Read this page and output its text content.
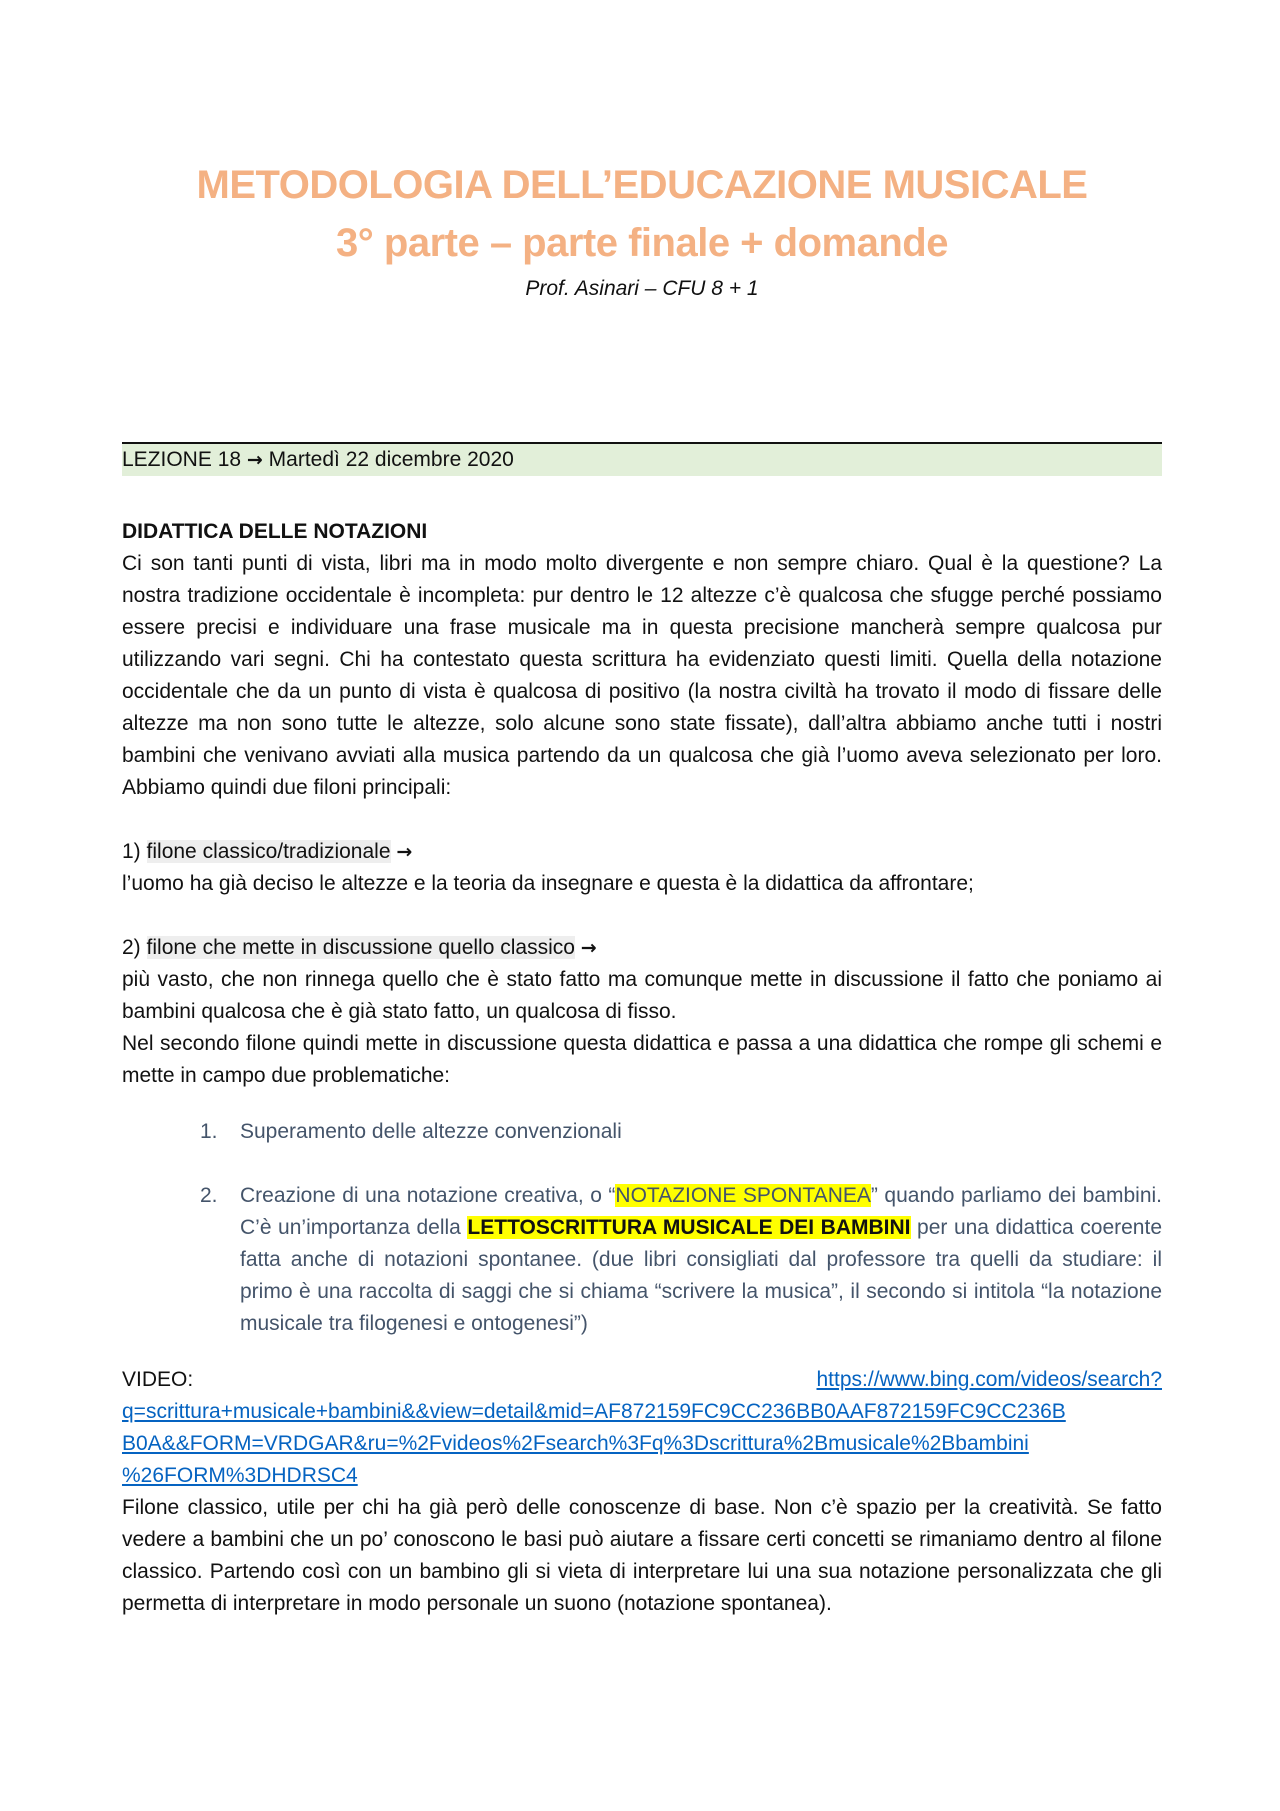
METODOLOGIA DELL’EDUCAZIONE MUSICALE
3° parte – parte finale + domande
Prof. Asinari – CFU 8 + 1
LEZIONE 18 → Martedì 22 dicembre 2020

DIDATTICA DELLE NOTAZIONI

Ci son tanti punti di vista, libri ma in modo molto divergente e non sempre chiaro. Qual è la questione? La nostra tradizione occidentale è incompleta: pur dentro le 12 altezze c’è qualcosa che sfugge perché possiamo essere precisi e individuare una frase musicale ma in questa precisione mancherà sempre qualcosa pur utilizzando vari segni. Chi ha contestato questa scrittura ha evidenziato questi limiti. Quella della notazione occidentale che da un punto di vista è qualcosa di positivo (la nostra civiltà ha trovato il modo di fissare delle altezze ma non sono tutte le altezze, solo alcune sono state fissate), dall’altra abbiamo anche tutti i nostri bambini che venivano avviati alla musica partendo da un qualcosa che già l’uomo aveva selezionato per loro. Abbiamo quindi due filoni principali:

1) filone classico/tradizionale →

l’uomo ha già deciso le altezze e la teoria da insegnare e questa è la didattica da affrontare;

2) filone che mette in discussione quello classico →

più vasto, che non rinnega quello che è stato fatto ma comunque mette in discussione il fatto che poniamo ai bambini qualcosa che è già stato fatto, un qualcosa di fisso.

Nel secondo filone quindi mette in discussione questa didattica e passa a una didattica che rompe gli schemi e mette in campo due problematiche:

1. Superamento delle altezze convenzionali
2. Creazione di una notazione creativa, o “NOTAZIONE SPONTANEA” quando parliamo dei bambini. C’è un’importanza della LETTOSCRITTURA MUSICALE DEI BAMBINI per una didattica coerente fatta anche di notazioni spontanee. (due libri consigliati dal professore tra quelli da studiare: il primo è una raccolta di saggi che si chiama “scrivere la musica”, il secondo si intitola “la notazione musicale tra filogenesi e ontogenesi”)
VIDEO:	https://www.bing.com/videos/search?
q=scrittura+musicale+bambini&&view=detail&mid=AF872159FC9CC236BB0AAF872159FC9CC236B
B0A&&FORM=VRDGAR&ru=%2Fvideos%2Fsearch%3Fq%3Dscrittura%2Bmusicale%2Bbambini
%26FORM%3DHDRSC4

Filone classico, utile per chi ha già però delle conoscenze di base. Non c’è spazio per la creatività. Se fatto vedere a bambini che un po’ conoscono le basi può aiutare a fissare certi concetti se rimaniamo dentro al filone classico. Partendo così con un bambino gli si vieta di interpretare lui una sua notazione personalizzata che gli permetta di interpretare in modo personale un suono (notazione spontanea).
